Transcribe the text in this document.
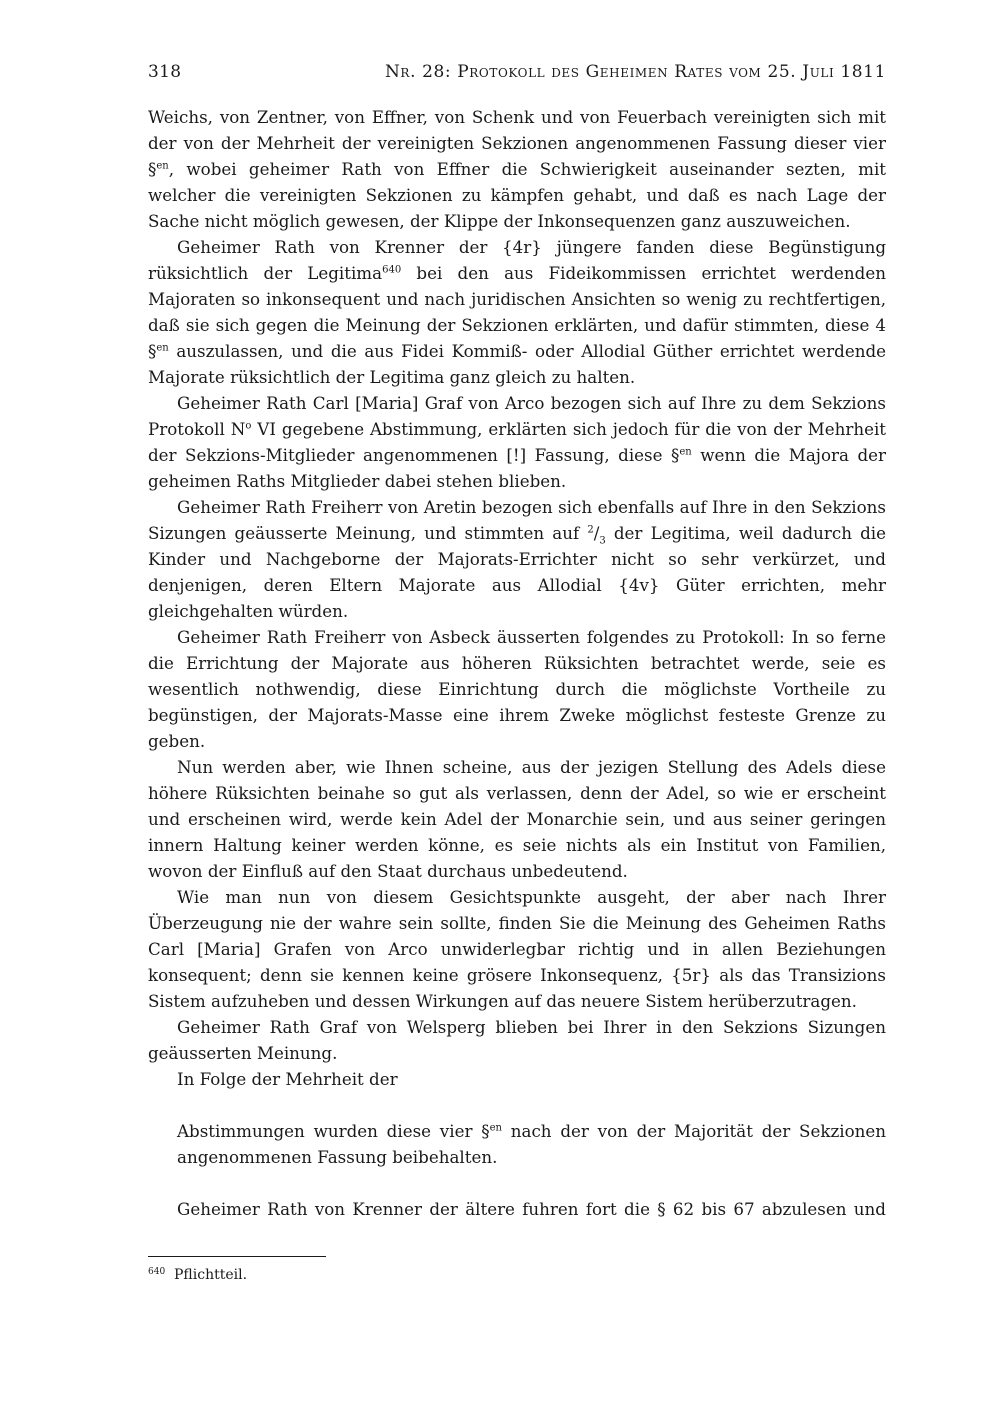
318	Nr. 28: Protokoll des Geheimen Rates vom 25. Juli 1811

Weichs, von Zentner, von Effner, von Schenk und von Feuerbach vereinigten sich mit der von der Mehrheit der vereinigten Sekzionen angenommenen Fassung dieser vier §$^{en}$, wobei geheimer Rath von Effner die Schwierigkeit auseinander sezten, mit welcher die vereinigten Sekzionen zu kämpfen gehabt, und daß es nach Lage der Sache nicht möglich gewesen, der Klippe der Inkonsequenzen ganz auszuweichen.

Geheimer Rath von Krenner der {4r} jüngere fanden diese Begünstigung rüksichtlich der Legitima$^{640}$ bei den aus Fideikommissen errichtet werdenden Majoraten so inkonsequent und nach juridischen Ansichten so wenig zu rechtfertigen, daß sie sich gegen die Meinung der Sekzionen erklärten, und dafür stimmten, diese 4 §$^{en}$ auszulassen, und die aus Fidei Kommiß- oder Allodial Güther errichtet werdende Majorate rüksichtlich der Legitima ganz gleich zu halten.

Geheimer Rath Carl [Maria] Graf von Arco bezogen sich auf Ihre zu dem Sekzions Protokoll $N^o$ VI gegebene Abstimmung, erklärten sich jedoch für die von der Mehrheit der Sekzions-Mitglieder angenommenen [!] Fassung, diese §$^{en}$ wenn die Majora der geheimen Raths Mitglieder dabei stehen blieben.

Geheimer Rath Freiherr von Aretin bezogen sich ebenfalls auf Ihre in den Sekzions Sizungen geäusserte Meinung, und stimmten auf $^2/_3$ der Legitima, weil dadurch die Kinder und Nachgeborne der Majorats-Errichter nicht so sehr verkürzet, und denjenigen, deren Eltern Majorate aus Allodial {4v} Güter errichten, mehr gleichgehalten würden.

Geheimer Rath Freiherr von Asbeck äusserten folgendes zu Protokoll: In so ferne die Errichtung der Majorate aus höheren Rüksichten betrachtet werde, seie es wesentlich nothwendig, diese Einrichtung durch die möglichste Vortheile zu begünstigen, der Majorats-Masse eine ihrem Zweke möglichst festeste Grenze zu geben.

Nun werden aber, wie Ihnen scheine, aus der jezigen Stellung des Adels diese höhere Rüksichten beinahe so gut als verlassen, denn der Adel, so wie er erscheint und erscheinen wird, werde kein Adel der Monarchie sein, und aus seiner geringen innern Haltung keiner werden könne, es seie nichts als ein Institut von Familien, wovon der Einfluß auf den Staat durchaus unbedeutend.

Wie man nun von diesem Gesichtspunkte ausgeht, der aber nach Ihrer Überzeugung nie der wahre sein sollte, finden Sie die Meinung des Geheimen Raths Carl [Maria] Grafen von Arco unwiderlegbar richtig und in allen Beziehungen konsequent; denn sie kennen keine grösere Inkonsequenz, {5r} als das Transizions Sistem aufzuheben und dessen Wirkungen auf das neuere Sistem herüberzutragen.

Geheimer Rath Graf von Welsperg blieben bei Ihrer in den Sekzions Sizungen geäusserten Meinung.

In Folge der Mehrheit der

Abstimmungen wurden diese vier §$^{en}$ nach der von der Majorität der Sekzionen angenommenen Fassung beibehalten.

Geheimer Rath von Krenner der ältere fuhren fort die § 62 bis 67 abzulesen und

640 Pflichtteil.
